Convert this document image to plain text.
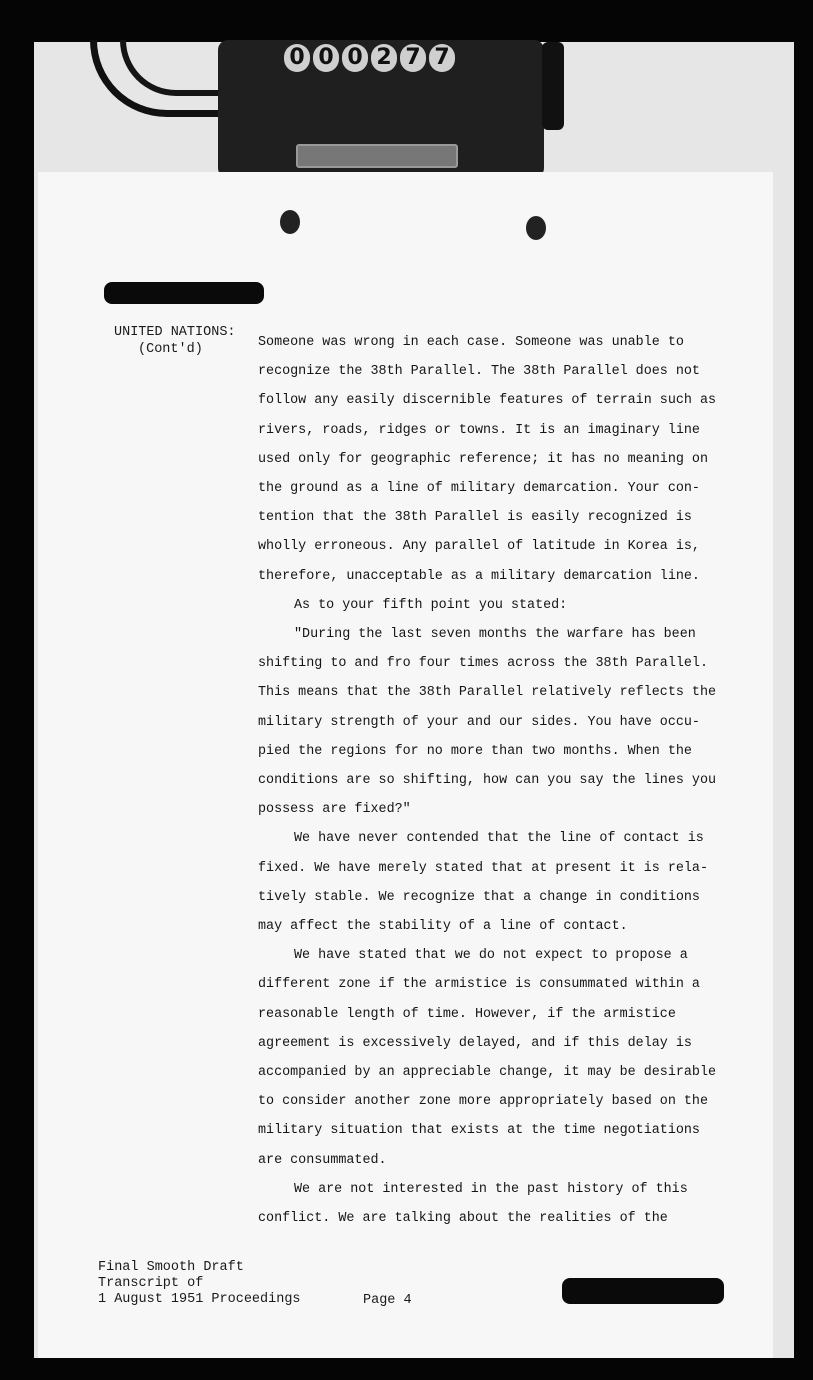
0 0 0 2 7 7
UNITED NATIONS:
(Cont'd)	Someone was wrong in each case. Someone was unable to
recognize the 38th Parallel. The 38th Parallel does not
follow any easily discernible features of terrain such as
rivers, roads, ridges or towns. It is an imaginary line
used only for geographic reference; it has no meaning on
the ground as a line of military demarcation. Your con-
tention that the 38th Parallel is easily recognized is
wholly erroneous. Any parallel of latitude in Korea is,
therefore, unacceptable as a military demarcation line.

As to your fifth point you stated:

"During the last seven months the warfare has been
shifting to and fro four times across the 38th Parallel.
This means that the 38th Parallel relatively reflects the
military strength of your and our sides. You have occu-
pied the regions for no more than two months. When the
conditions are so shifting, how can you say the lines you
possess are fixed?"

We have never contended that the line of contact is
fixed. We have merely stated that at present it is rela-
tively stable. We recognize that a change in conditions
may affect the stability of a line of contact.

We have stated that we do not expect to propose a
different zone if the armistice is consummated within a
reasonable length of time. However, if the armistice
agreement is excessively delayed, and if this delay is
accompanied by an appreciable change, it may be desirable
to consider another zone more appropriately based on the
military situation that exists at the time negotiations
are consummated.

We are not interested in the past history of this
conflict. We are talking about the realities of the

Final Smooth Draft
Transcript of
1 August 1951 Proceedings	Page 4
